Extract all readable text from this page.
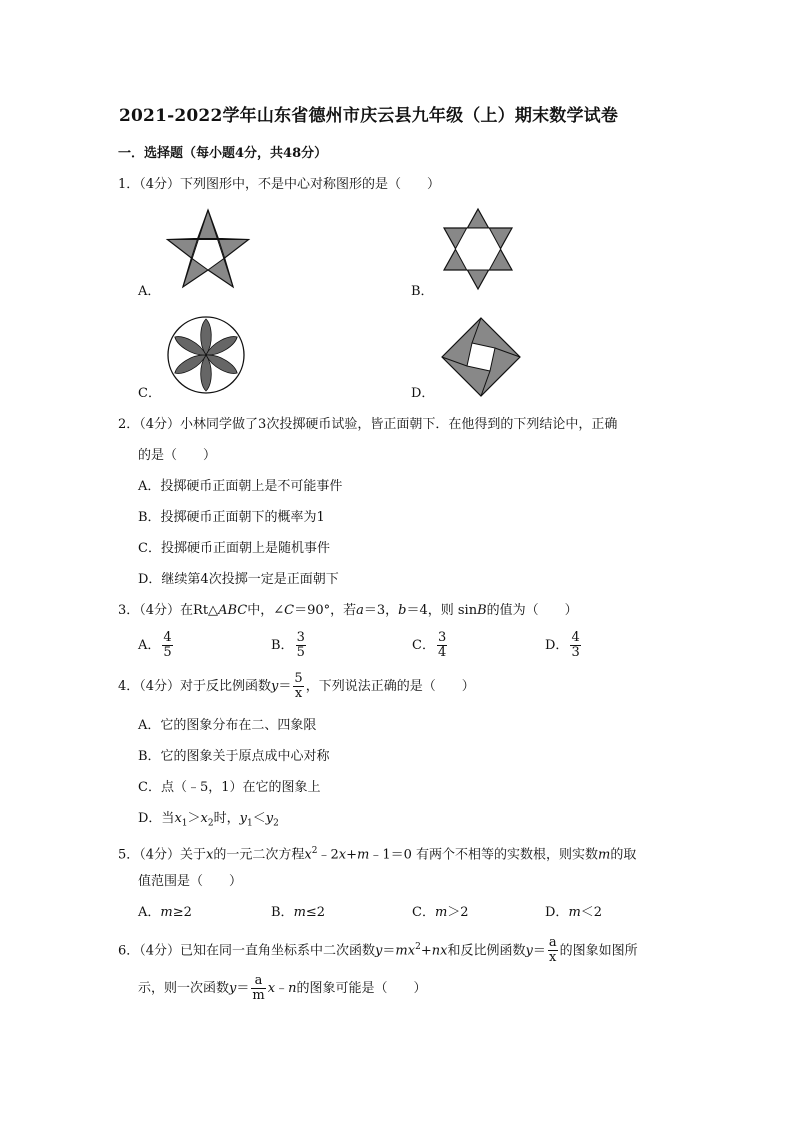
2021-2022学年山东省德州市庆云县九年级（上）期末数学试卷
一．选择题（每小题4分，共48分）
1．（4分）下列图形中，不是中心对称图形的是（　　）
A．	B．
C．	D．
2．（4分）小林同学做了3次投掷硬币试验，皆正面朝下．在他得到的下列结论中，正确
的是（　　）
A．投掷硬币正面朝上是不可能事件
B．投掷硬币正面朝下的概率为1
C．投掷硬币正面朝上是随机事件
D．继续第4次投掷一定是正面朝下
3．（4分）在Rt△ABC中，∠C＝90°，若a＝3，b＝4，则 sinB的值为（　　）
A． $\frac{4}{5}$	B． $\frac{3}{5}$	C． $\frac{3}{4}$	D． $\frac{4}{3}$
4．（4分）对于反比例函数$y= \frac{5}{x}$ ，下列说法正确的是（　　）
A．它的图象分布在二、四象限
B．它的图象关于原点成中心对称
C．点（﹣5，1）在它的图象上
D．当$x_1>x_2$时，$y_1<y_2$
5．（4分）关于x的一元二次方程$x^2﹣2x+m﹣1=0$ 有两个不相等的实数根，则实数m的取
值范围是（　　）
A．m≥2	B．m≤2	C．m＞2	D．m＜2
6．（4分）已知在同一直角坐标系中二次函数$y=mx^2+nx$和反比例函数$y= \frac{a}{x}$ 的图象如图所
示，则一次函数$y= \frac{a}{m}$ x﹣n的图象可能是（　　）
